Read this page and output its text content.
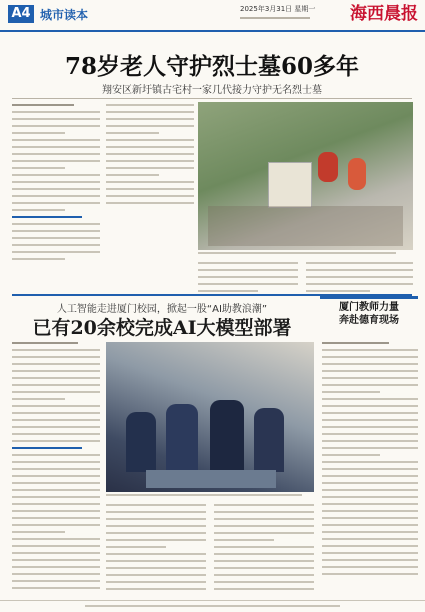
A4 城市读本	2025年3月31日 星期一	海西晨报
78岁老人守护烈士墓60多年
翔安区新圩镇古宅村一家几代接力守护无名烈士墓
人工智能走进厦门校园，掀起一股“AI助教浪潮”
已有20余校完成AI大模型部署
厦门教师力量
奔赴德育现场
